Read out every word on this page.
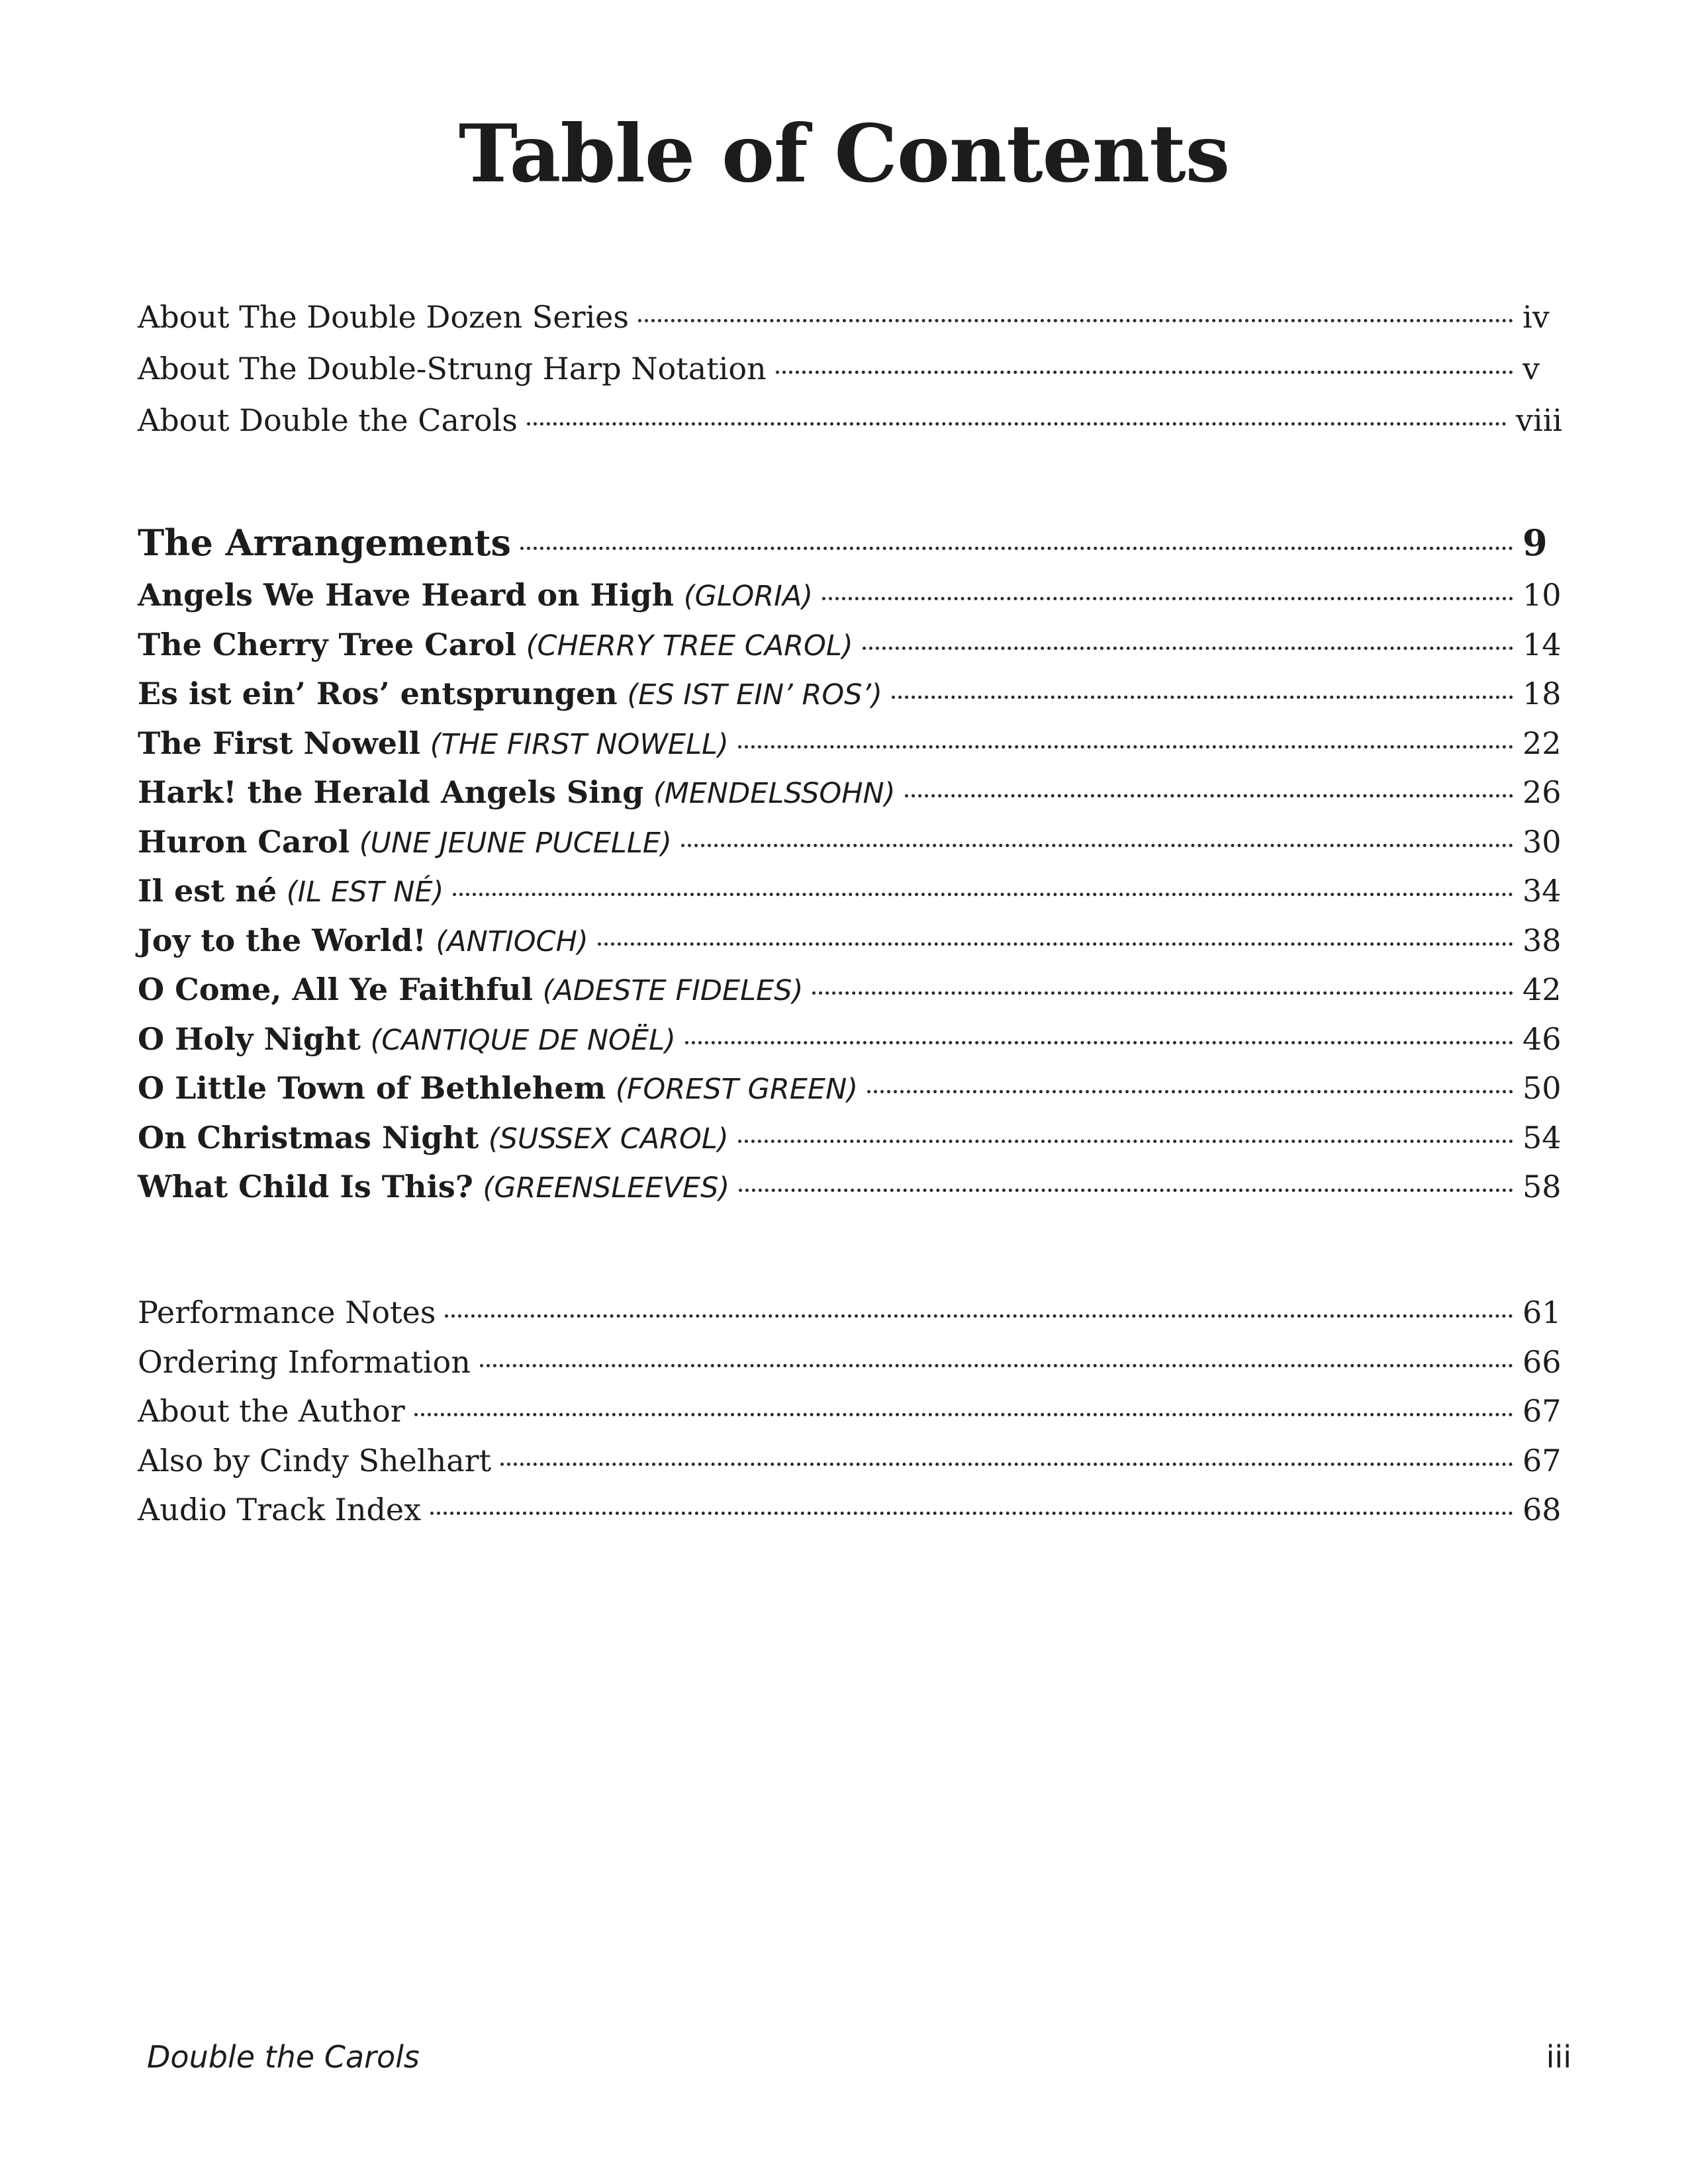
Table of Contents
About The Double Dozen Series	iv
About The Double-Strung Harp Notation	v
About Double the Carols	viii
The Arrangements	9
Angels We Have Heard on High (GLORIA)	10
The Cherry Tree Carol (CHERRY TREE CAROL)	14
Es ist ein’ Ros’ entsprungen (ES IST EIN’ ROS’)	18
The First Nowell (THE FIRST NOWELL)	22
Hark! the Herald Angels Sing (MENDELSSOHN)	26
Huron Carol (UNE JEUNE PUCELLE)	30
Il est né (IL EST NÉ)	34
Joy to the World! (ANTIOCH)	38
O Come, All Ye Faithful (ADESTE FIDELES)	42
O Holy Night (CANTIQUE DE NOËL)	46
O Little Town of Bethlehem (FOREST GREEN)	50
On Christmas Night (SUSSEX CAROL)	54
What Child Is This? (GREENSLEEVES)	58
Performance Notes	61
Ordering Information	66
About the Author	67
Also by Cindy Shelhart	67
Audio Track Index	68
Double the Carols	iii
